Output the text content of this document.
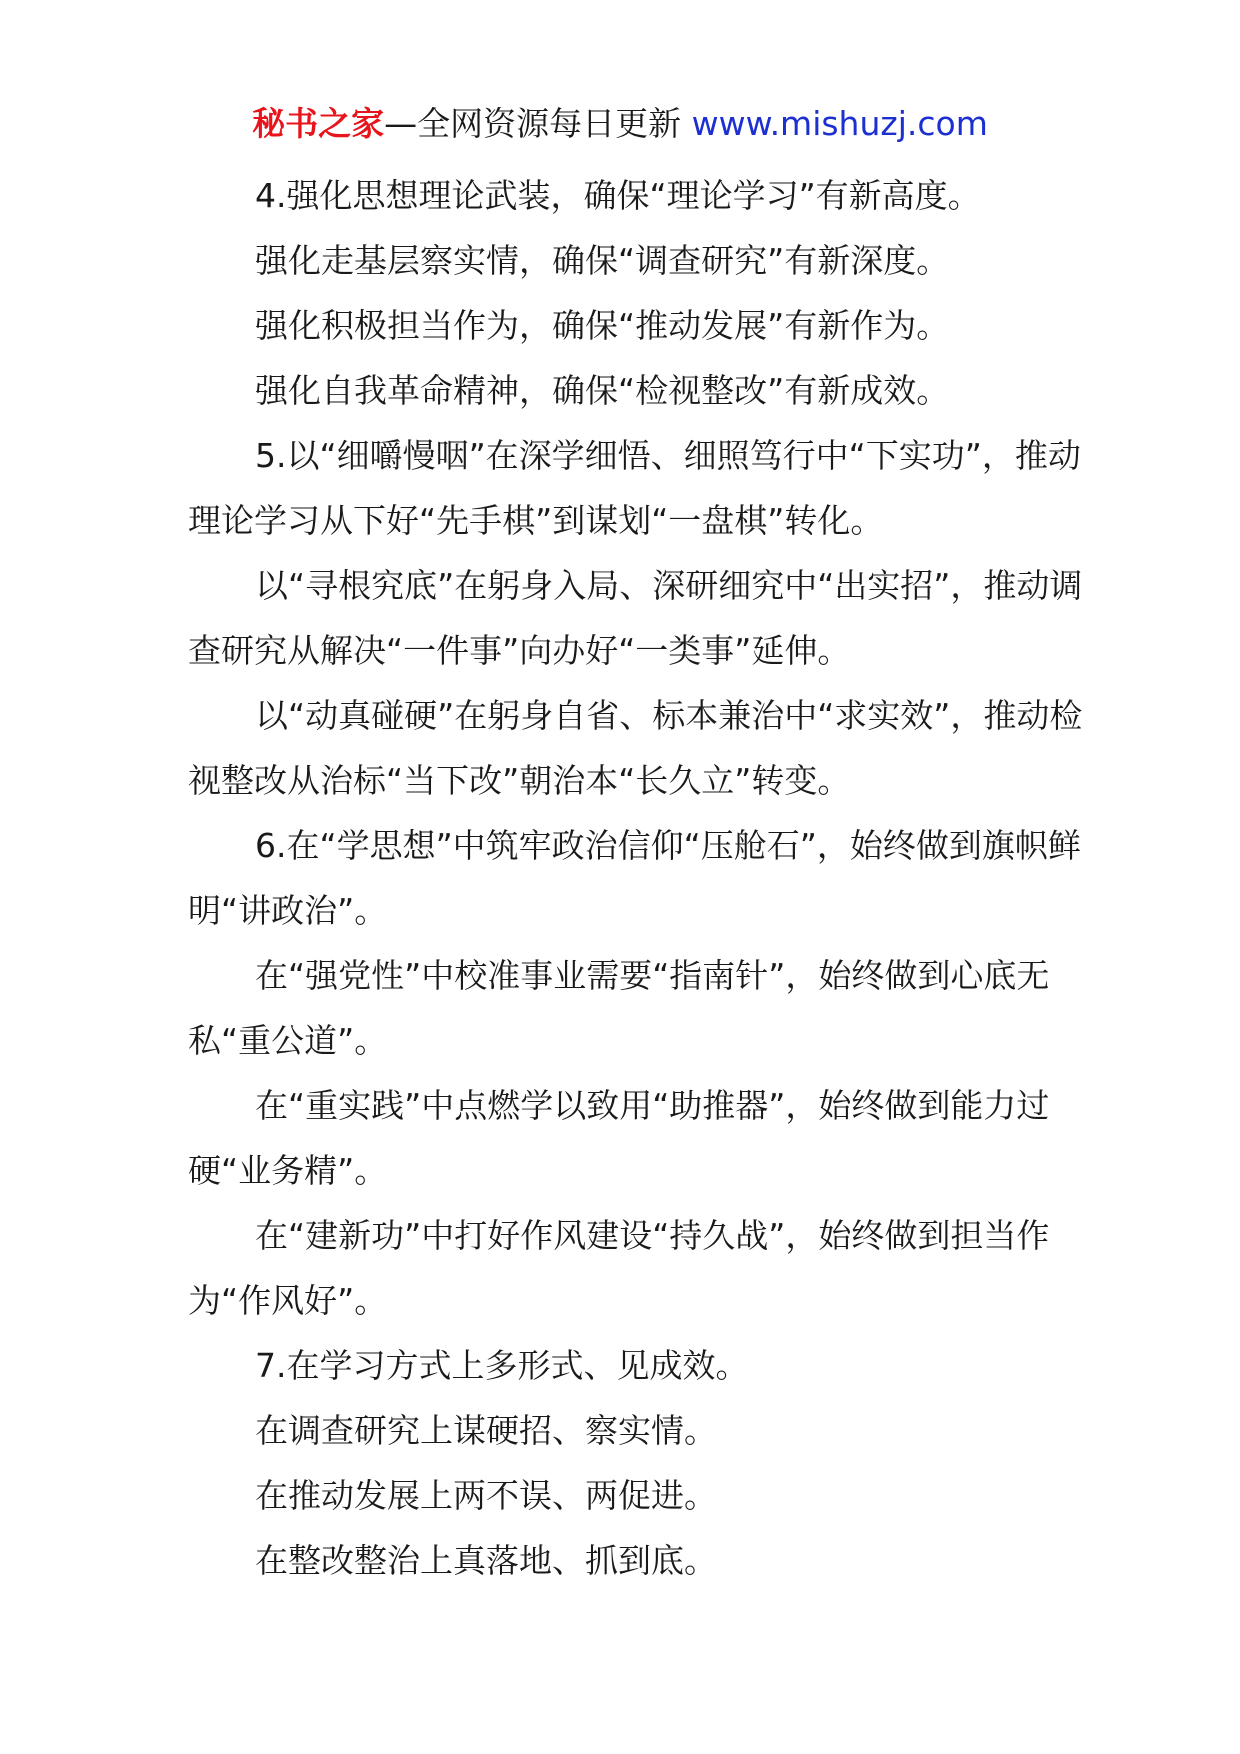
秘书之家—全网资源每日更新 www.mishuzj.com

4.强化思想理论武装，确保“理论学习”有新高度。

强化走基层察实情，确保“调查研究”有新深度。

强化积极担当作为，确保“推动发展”有新作为。

强化自我革命精神，确保“检视整改”有新成效。

5.以“细嚼慢咽”在深学细悟、细照笃行中“下实功”，推动理论学习从下好“先手棋”到谋划“一盘棋”转化。

以“寻根究底”在躬身入局、深研细究中“出实招”，推动调查研究从解决“一件事”向办好“一类事”延伸。

以“动真碰硬”在躬身自省、标本兼治中“求实效”，推动检视整改从治标“当下改”朝治本“长久立”转变。

6.在“学思想”中筑牢政治信仰“压舱石”，始终做到旗帜鲜明“讲政治”。

在“强党性”中校准事业需要“指南针”，始终做到心底无私“重公道”。

在“重实践”中点燃学以致用“助推器”，始终做到能力过硬“业务精”。

在“建新功”中打好作风建设“持久战”，始终做到担当作为“作风好”。

7.在学习方式上多形式、见成效。

在调查研究上谋硬招、察实情。

在推动发展上两不误、两促进。

在整改整治上真落地、抓到底。
